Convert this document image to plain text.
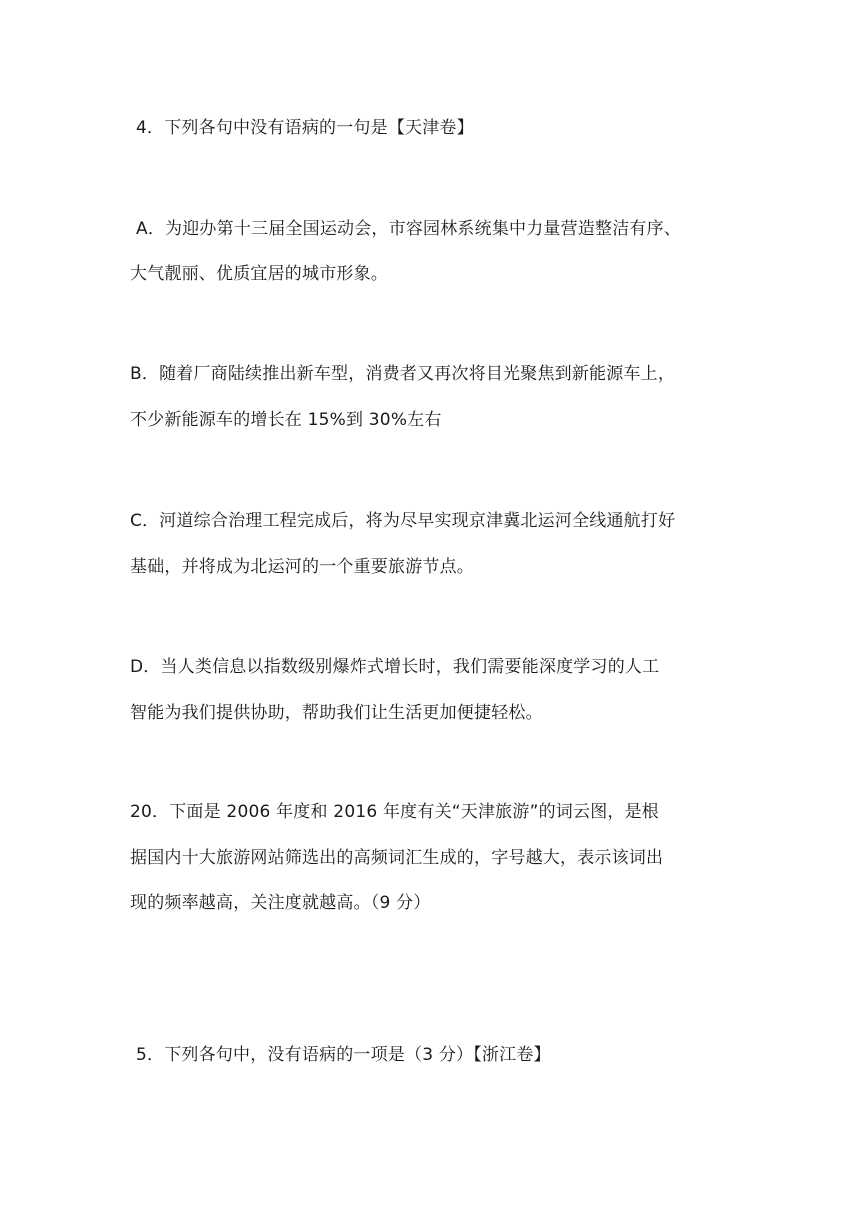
4．下列各句中没有语病的一句是【天津卷】
A．为迎办第十三届全国运动会，市容园林系统集中力量营造整洁有序、
大气靓丽、优质宜居的城市形象。
B．随着厂商陆续推出新车型，消费者又再次将目光聚焦到新能源车上，
不少新能源车的增长在 15%到 30%左右
C．河道综合治理工程完成后，将为尽早实现京津冀北运河全线通航打好
基础，并将成为北运河的一个重要旅游节点。
D．当人类信息以指数级别爆炸式增长时，我们需要能深度学习的人工
智能为我们提供协助，帮助我们让生活更加便捷轻松。
20．下面是 2006 年度和 2016 年度有关“天津旅游”的词云图，是根
据国内十大旅游网站筛选出的高频词汇生成的，字号越大，表示该词出
现的频率越高，关注度就越高。（9 分）
5．下列各句中，没有语病的一项是（3 分）【浙江卷】
